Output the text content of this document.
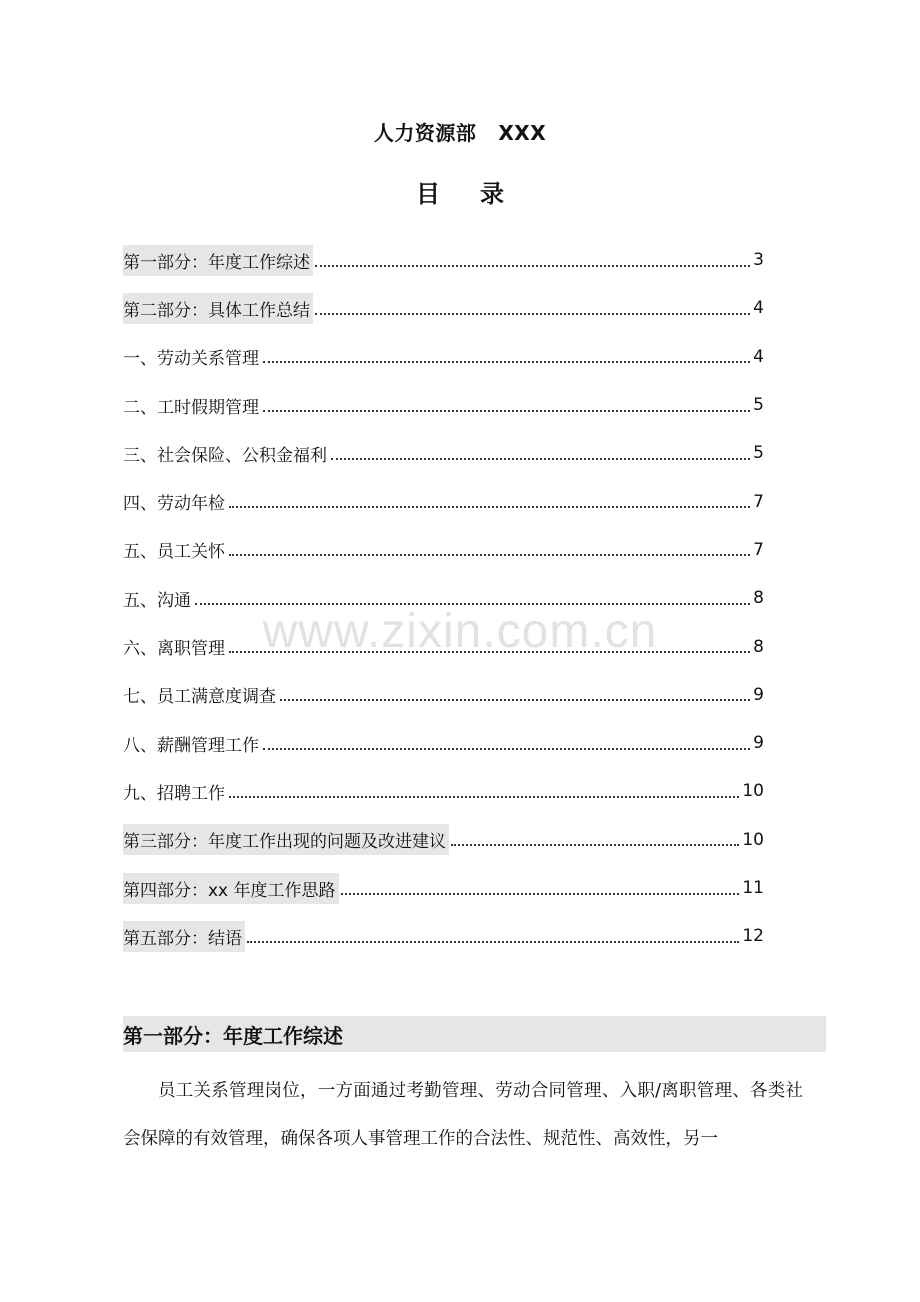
人力资源部 XXX
目 录
第一部分：年度工作综述	3
第二部分：具体工作总结	4
一、劳动关系管理	4
二、工时假期管理	5
三、社会保险、公积金福利	5
四、劳动年检	7
五、员工关怀	7
五、沟通	8
六、离职管理	8
七、员工满意度调查	9
八、薪酬管理工作	9
九、招聘工作	10
第三部分：年度工作出现的问题及改进建议	10
第四部分：xx 年度工作思路	11
第五部分：结语	12
www.zixin.com.cn
第一部分：年度工作综述
员工关系管理岗位，一方面通过考勤管理、劳动合同管理、入职/离职管理、各类社会保障的有效管理，确保各项人事管理工作的合法性、规范性、高效性，另一
